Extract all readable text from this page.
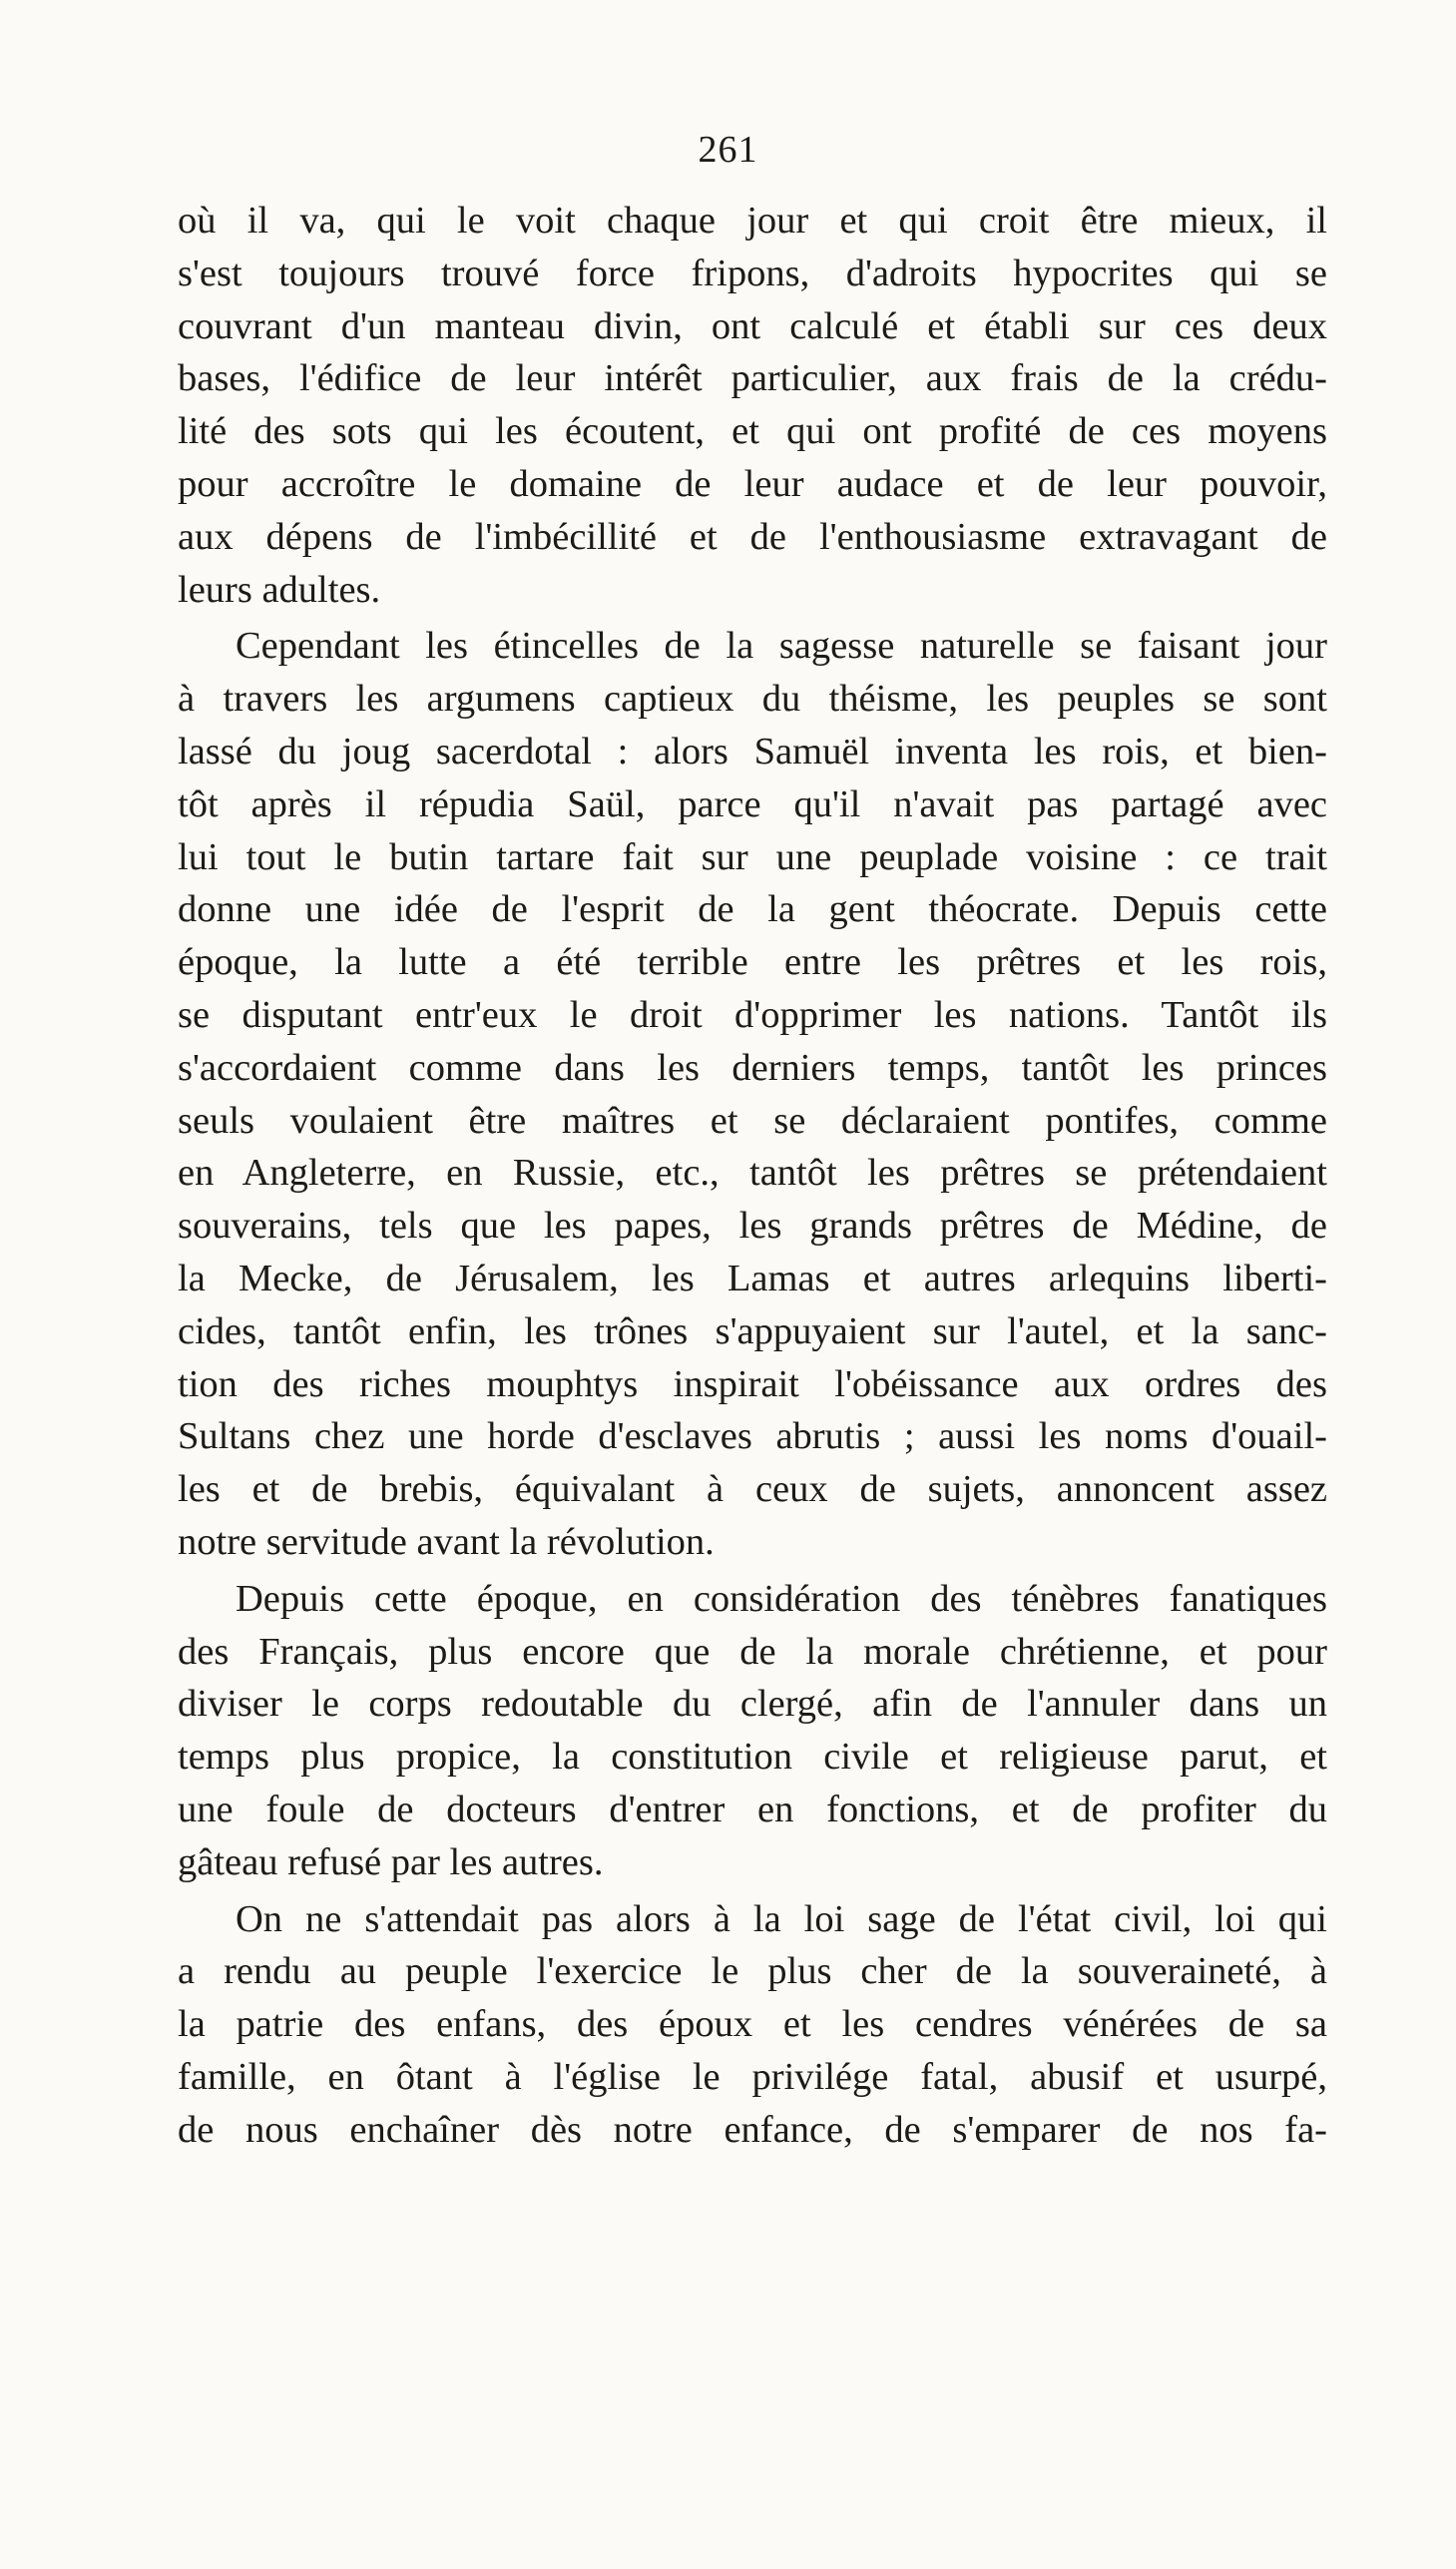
261
où il va, qui le voit chaque jour et qui croit être mieux, il
s'est toujours trouvé force fripons, d'adroits hypocrites qui se
couvrant d'un manteau divin, ont calculé et établi sur ces deux
bases, l'édifice de leur intérêt particulier, aux frais de la crédu-
lité des sots qui les écoutent, et qui ont profité de ces moyens
pour accroître le domaine de leur audace et de leur pouvoir,
aux dépens de l'imbécillité et de l'enthousiasme extravagant de
leurs adultes.
Cependant les étincelles de la sagesse naturelle se faisant jour
à travers les argumens captieux du théisme, les peuples se sont
lassé du joug sacerdotal : alors Samuël inventa les rois, et bien-
tôt après il répudia Saül, parce qu'il n'avait pas partagé avec
lui tout le butin tartare fait sur une peuplade voisine : ce trait
donne une idée de l'esprit de la gent théocrate. Depuis cette
époque, la lutte a été terrible entre les prêtres et les rois,
se disputant entr'eux le droit d'opprimer les nations. Tantôt ils
s'accordaient comme dans les derniers temps, tantôt les princes
seuls voulaient être maîtres et se déclaraient pontifes, comme
en Angleterre, en Russie, etc., tantôt les prêtres se prétendaient
souverains, tels que les papes, les grands prêtres de Médine, de
la Mecke, de Jérusalem, les Lamas et autres arlequins liberti-
cides, tantôt enfin, les trônes s'appuyaient sur l'autel, et la sanc-
tion des riches mouphtys inspirait l'obéissance aux ordres des
Sultans chez une horde d'esclaves abrutis ; aussi les noms d'ouail-
les et de brebis, équivalant à ceux de sujets, annoncent assez
notre servitude avant la révolution.
Depuis cette époque, en considération des ténèbres fanatiques
des Français, plus encore que de la morale chrétienne, et pour
diviser le corps redoutable du clergé, afin de l'annuler dans un
temps plus propice, la constitution civile et religieuse parut, et
une foule de docteurs d'entrer en fonctions, et de profiter du
gâteau refusé par les autres.
On ne s'attendait pas alors à la loi sage de l'état civil, loi qui
a rendu au peuple l'exercice le plus cher de la souveraineté, à
la patrie des enfans, des époux et les cendres vénérées de sa
famille, en ôtant à l'église le privilége fatal, abusif et usurpé,
de nous enchaîner dès notre enfance, de s'emparer de nos fa-
